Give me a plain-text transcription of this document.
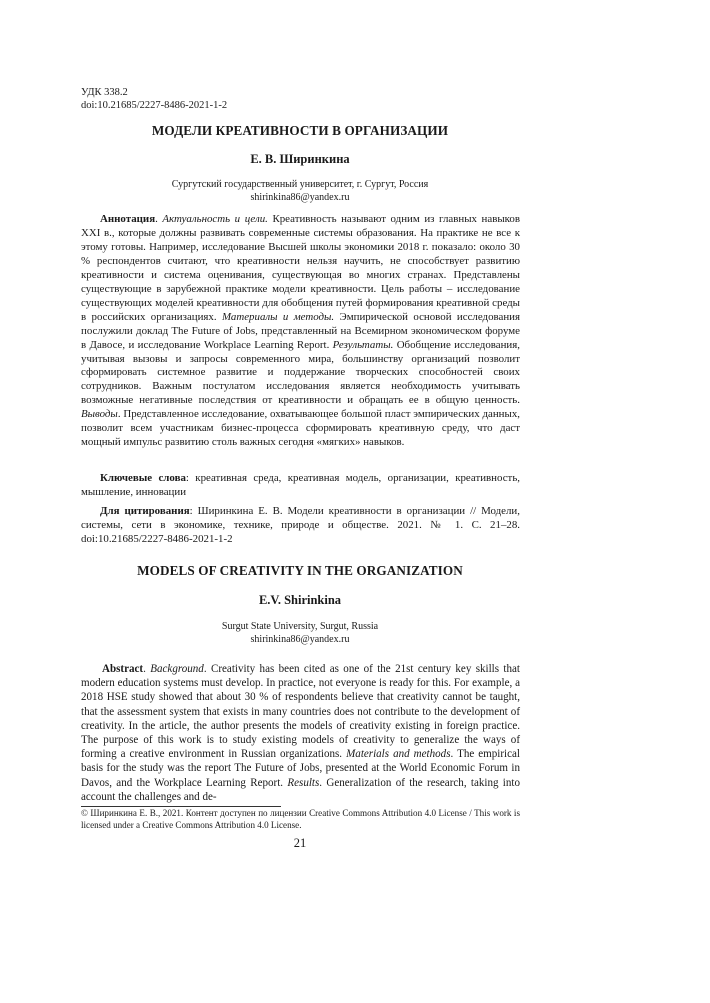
УДК 338.2
doi:10.21685/2227-8486-2021-1-2
МОДЕЛИ КРЕАТИВНОСТИ В ОРГАНИЗАЦИИ
Е. В. Ширинкина
Сургутский государственный университет, г. Сургут, Россия
shirinkina86@yandex.ru

Аннотация. Актуальность и цели. Креативность называют одним из главных навыков XXI в., которые должны развивать современные системы образования. На практике не все к этому готовы. Например, исследование Высшей школы экономики 2018 г. показало: около 30 % респондентов считают, что креативности нельзя научить, не способствует развитию креативности и система оценивания, существующая во многих странах. Представлены существующие в зарубежной практике модели креативности. Цель работы – исследование существующих моделей креативности для обобщения путей формирования креативной среды в российских организациях. Материалы и методы. Эмпирической основой исследования послужили доклад The Future of Jobs, представленный на Всемирном экономическом форуме в Давосе, и исследование Workplace Learning Report. Результаты. Обобщение исследования, учитывая вызовы и запросы современного мира, большинству организаций позволит сформировать системное развитие и поддержание творческих способностей своих сотрудников. Важным постулатом исследования является необходимость учитывать возможные негативные последствия от креативности и обращать ее в общую ценность. Выводы. Представленное исследование, охватывающее большой пласт эмпирических данных, позволит всем участникам бизнес-процесса сформировать креативную среду, что даст мощный импульс развитию столь важных сегодня «мягких» навыков.

Ключевые слова: креативная среда, креативная модель, организации, креативность, мышление, инновации

Для цитирования: Ширинкина Е. В. Модели креативности в организации // Модели, системы, сети в экономике, технике, природе и обществе. 2021. № 1. С. 21–28. doi:10.21685/2227-8486-2021-1-2

MODELS OF CREATIVITY IN THE ORGANIZATION
E.V. Shirinkina
Surgut State University, Surgut, Russia
shirinkina86@yandex.ru

Abstract. Background. Creativity has been cited as one of the 21st century key skills that modern education systems must develop. In practice, not everyone is ready for this. For example, a 2018 HSE study showed that about 30 % of respondents believe that creativity cannot be taught, that the assessment system that exists in many countries does not contribute to the development of creativity. In the article, the author presents the models of creativity existing in foreign practice. The purpose of this work is to study existing models of creativity to generalize the ways of forming a creative environment in Russian organizations. Materials and methods. The empirical basis for the study was the report The Future of Jobs, presented at the World Economic Forum in Davos, and the Workplace Learning Report. Results. Generalization of the research, taking into account the challenges and de-

© Ширинкина Е. В., 2021. Контент доступен по лицензии Creative Commons Attribution 4.0 License / This work is licensed under a Creative Commons Attribution 4.0 License.

21
